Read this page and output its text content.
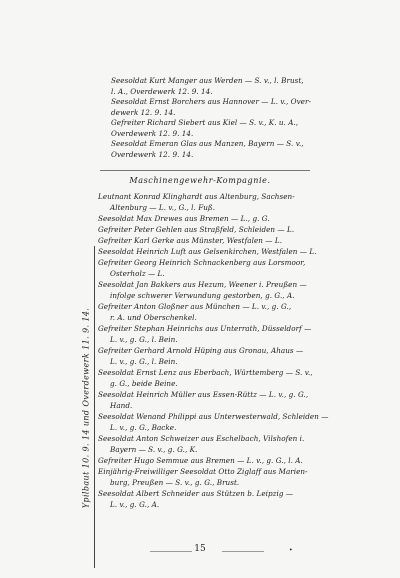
Seesoldat Kurt Manger aus Werden — S. v., l. Brust,
l. A., Overdewerk 12. 9. 14.
Seesoldat Ernst Borchers aus Hannover — L. v., Over-
dewerk 12. 9. 14.
Gefreiter Richard Siebert aus Kiel — S. v., K. u. A.,
Overdewerk 12. 9. 14.
Seesoldat Emeran Glas aus Manzen, Bayern — S. v.,
Overdewerk 12. 9. 14.
Maschinengewehr-Kompagnie.
Leutnant Konrad Klinghardt aus Altenburg, Sachsen-
Altenburg — L. v., G., l. Fuß.
Seesoldat Max Drewes aus Bremen — L., g. G.
Gefreiter Peter Gehlen aus Straßfeld, Schleiden — L.
Gefreiter Karl Gerke aus Münster, Westfalen — L.
Seesoldat Heinrich Luft aus Gelsenkirchen, Westfalen — L.
Gefreiter Georg Heinrich Schnackenberg aus Lorsmoor,
Osterholz — L.
Seesoldat Jan Bakkers aus Hezum, Weener i. Preußen —
infolge schwerer Verwundung gestorben, g. G., A.
Gefreiter Anton Gloßner aus München — L. v., g. G.,
r. A. und Oberschenkel.
Gefreiter Stephan Heinrichs aus Unterrath, Düsseldorf —
L. v., g. G., l. Bein.
Gefreiter Gerhard Arnold Hüping aus Gronau, Ahaus —
L. v., g. G., l. Bein.
Seesoldat Ernst Lenz aus Eberbach, Württemberg — S. v.,
g. G., beide Beine.
Seesoldat Heinrich Müller aus Essen-Rüttz — L. v., g. G.,
Hand.
Seesoldat Wenand Philippi aus Unterwesterwald, Schleiden —
L. v., g. G., Backe.
Seesoldat Anton Schweizer aus Eschelbach, Vilshofen i.
Bayern — S. v., g. G., K.
Gefreiter Hugo Semmue aus Bremen — L. v., g. G., l. A.
Einjährig-Freiwilliger Seesoldat Otto Ziglaff aus Marien-
burg, Preußen — S. v., g. G., Brust.
Seesoldat Albert Schneider aus Stützen b. Leipzig —
L. v., g. G., A.
Ypilbaut 10. 9. 14 und Overdewerk 11. 9. 14.
15	•
